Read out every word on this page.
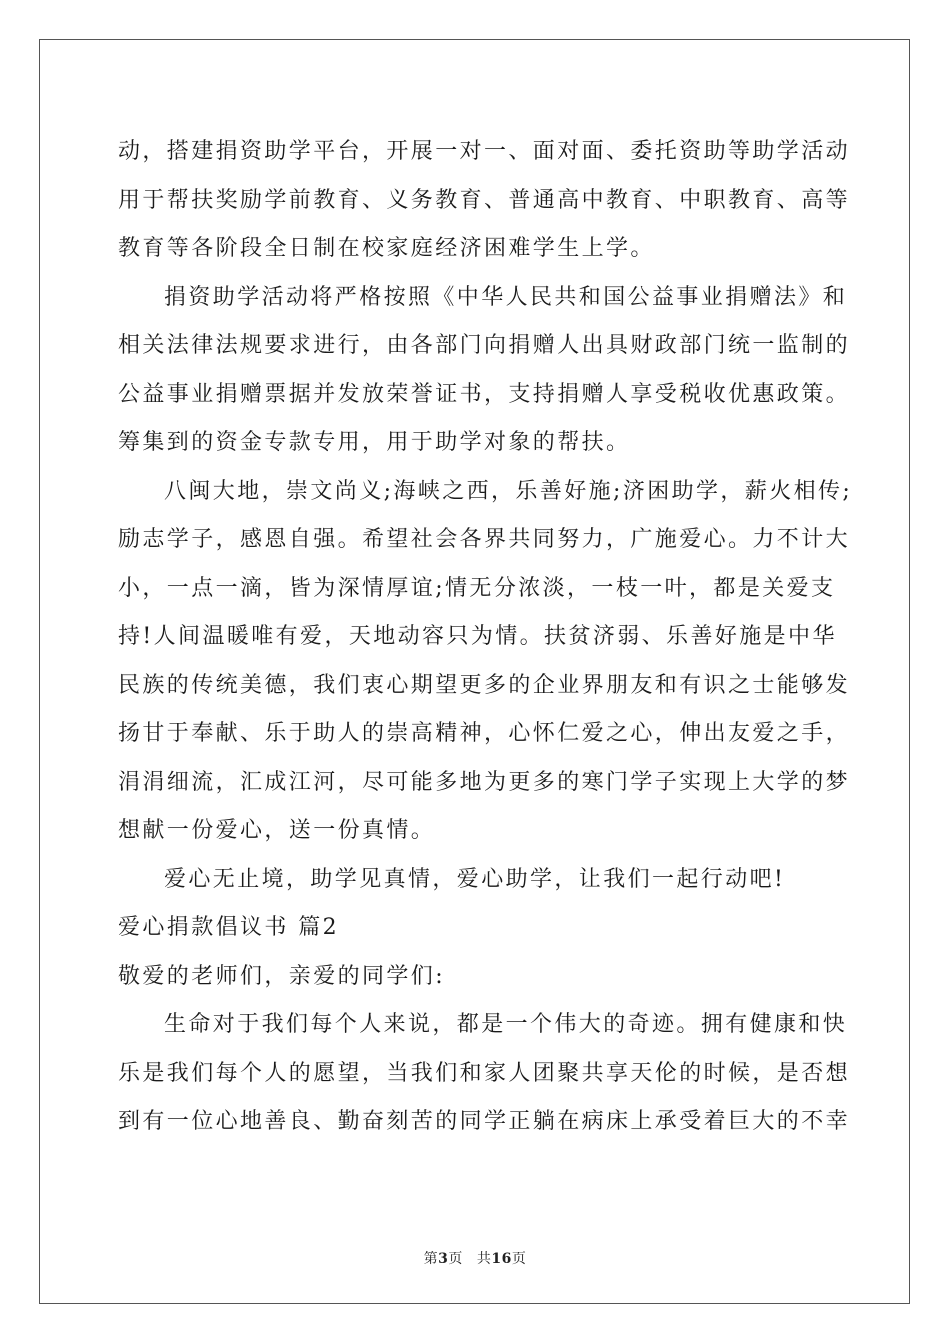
动，搭建捐资助学平台，开展一对一、面对面、委托资助等助学活动
用于帮扶奖励学前教育、义务教育、普通高中教育、中职教育、高等
教育等各阶段全日制在校家庭经济困难学生上学。
捐资助学活动将严格按照《中华人民共和国公益事业捐赠法》和
相关法律法规要求进行，由各部门向捐赠人出具财政部门统一监制的
公益事业捐赠票据并发放荣誉证书，支持捐赠人享受税收优惠政策。
筹集到的资金专款专用，用于助学对象的帮扶。
八闽大地，崇文尚义;海峡之西，乐善好施;济困助学，薪火相传;
励志学子，感恩自强。希望社会各界共同努力，广施爱心。力不计大
小，一点一滴，皆为深情厚谊;情无分浓淡，一枝一叶，都是关爱支
持!人间温暖唯有爱，天地动容只为情。扶贫济弱、乐善好施是中华
民族的传统美德，我们衷心期望更多的企业界朋友和有识之士能够发
扬甘于奉献、乐于助人的崇高精神，心怀仁爱之心，伸出友爱之手，
涓涓细流，汇成江河，尽可能多地为更多的寒门学子实现上大学的梦
想献一份爱心，送一份真情。
爱心无止境，助学见真情，爱心助学，让我们一起行动吧!
爱心捐款倡议书 篇2
敬爱的老师们，亲爱的同学们:
生命对于我们每个人来说，都是一个伟大的奇迹。拥有健康和快
乐是我们每个人的愿望，当我们和家人团聚共享天伦的时候，是否想
到有一位心地善良、勤奋刻苦的同学正躺在病床上承受着巨大的不幸
第3页 共16页
